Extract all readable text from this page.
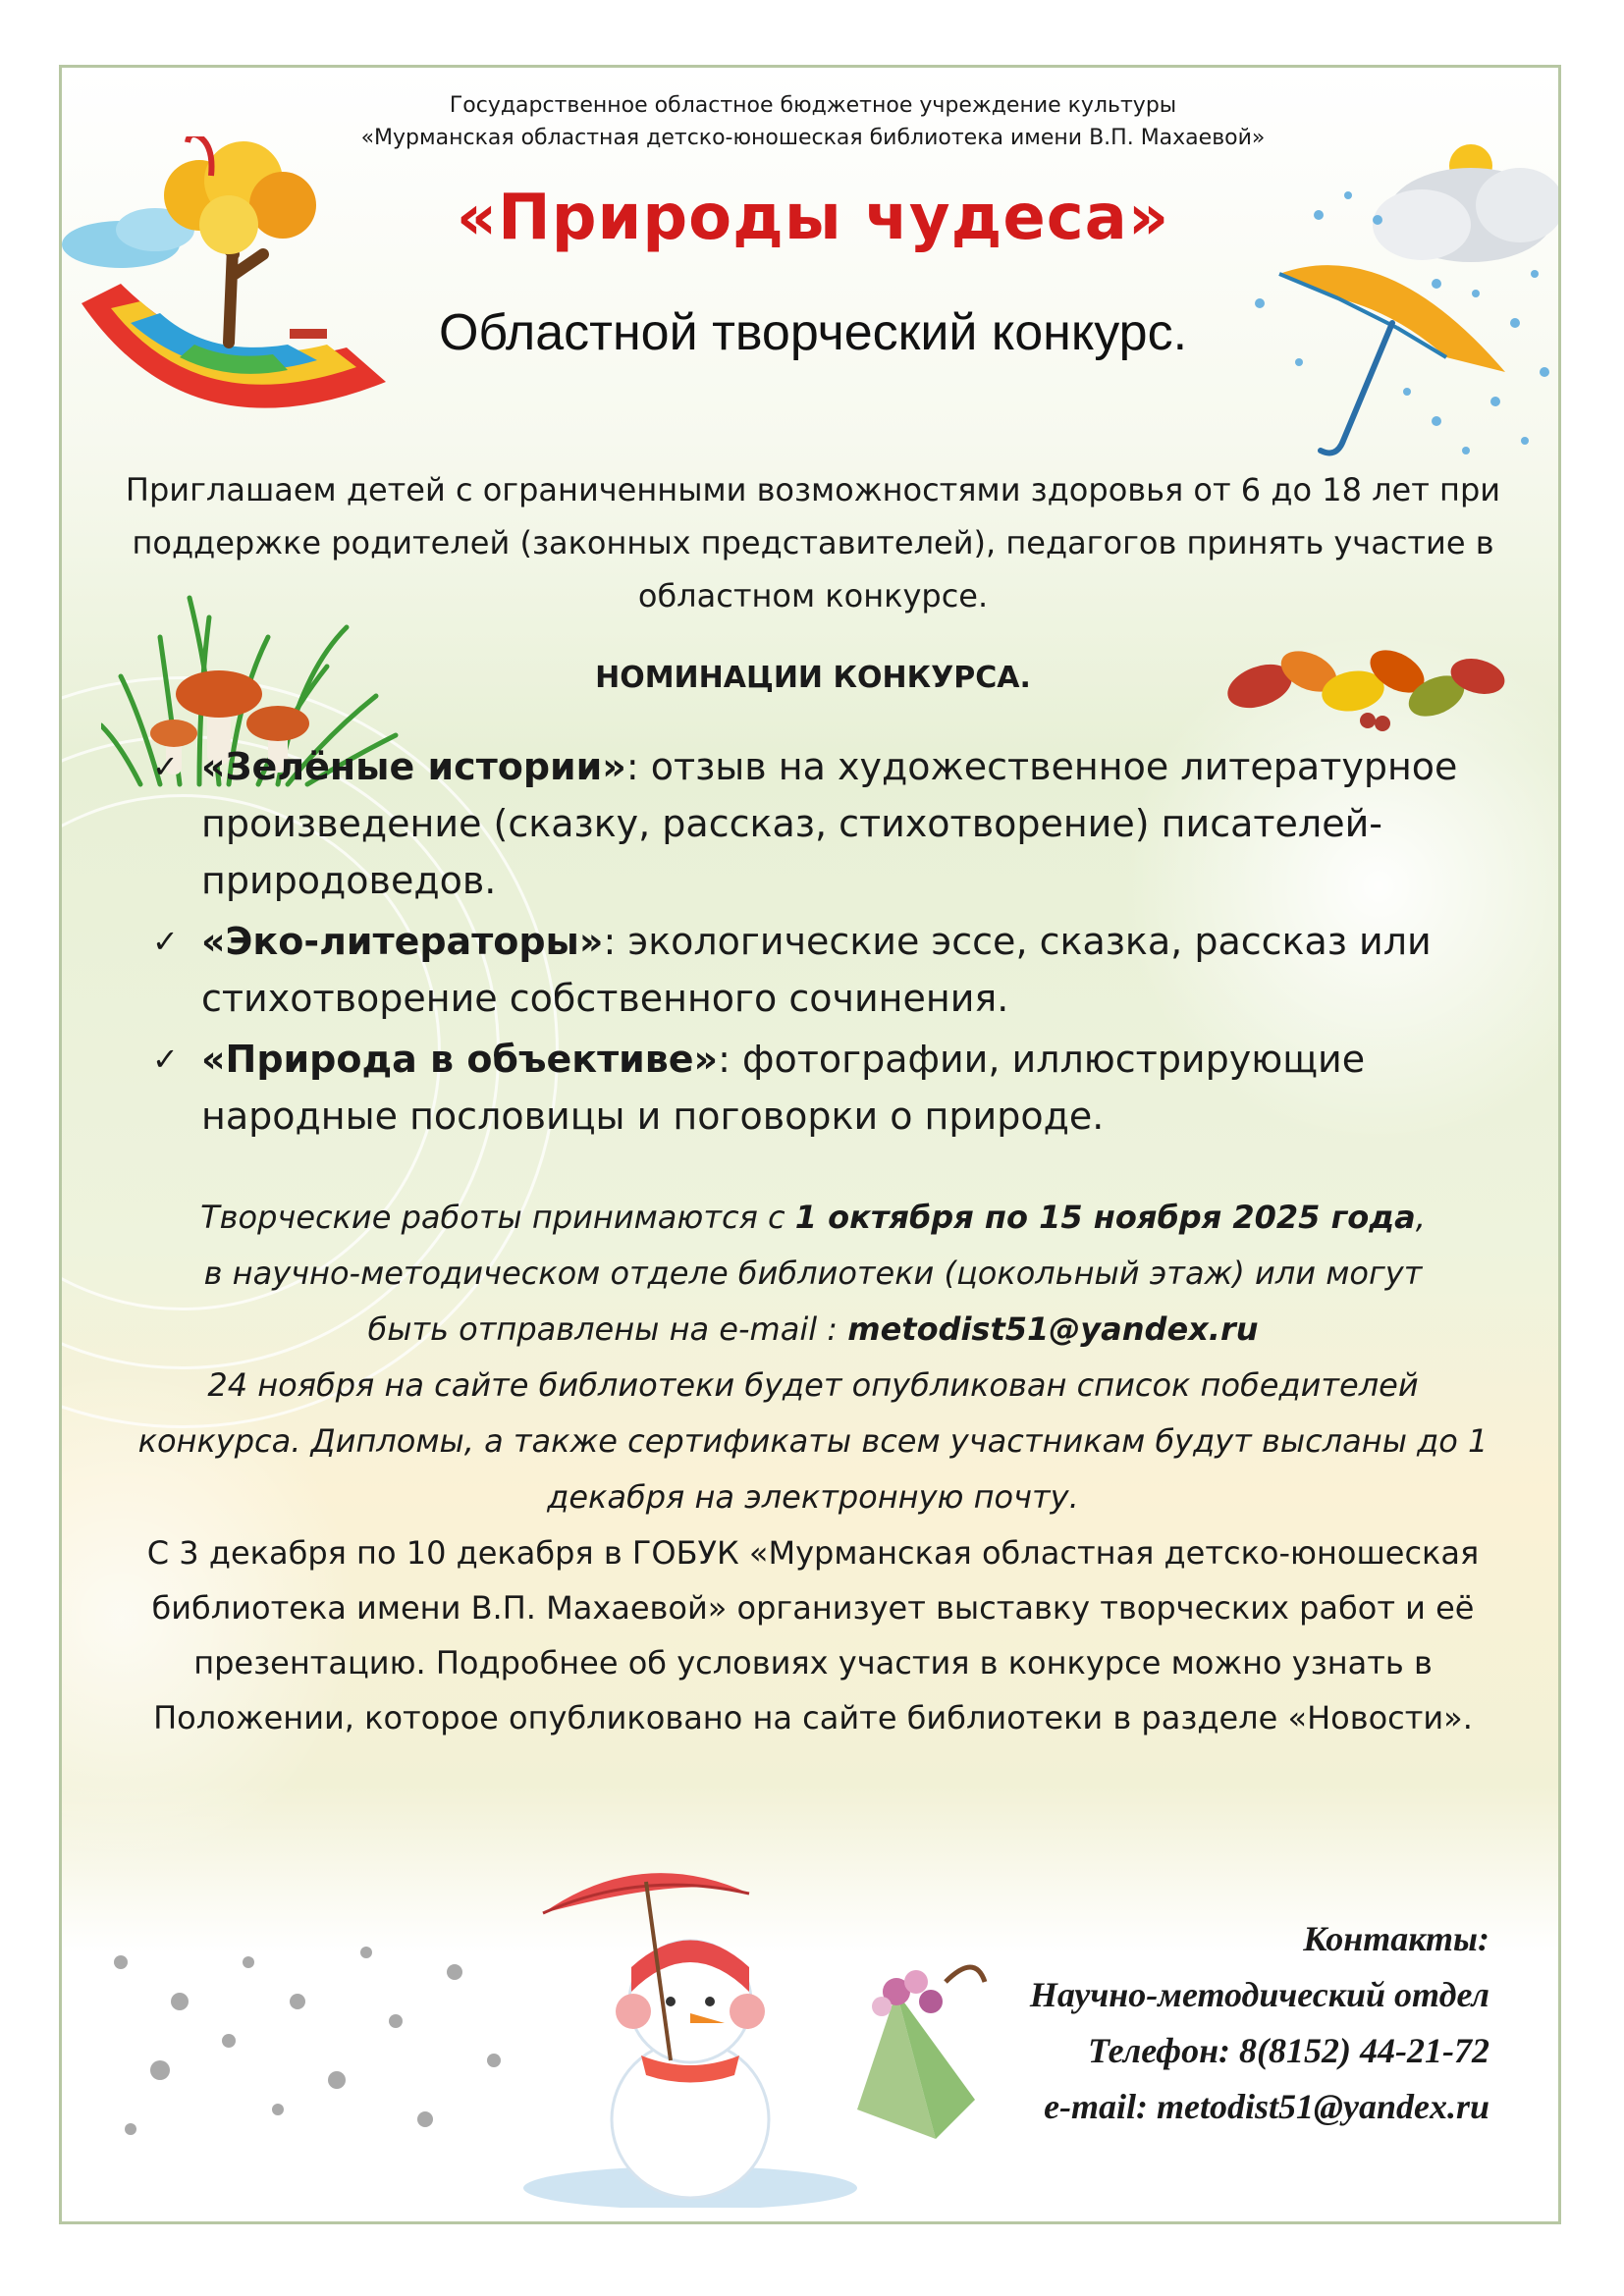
Государственное областное бюджетное учреждение культуры
«Мурманская областная детско-юношеская библиотека имени В.П. Махаевой»
«Природы чудеса»
Областной творческий конкурс.
Приглашаем детей с ограниченными возможностями здоровья от 6 до 18 лет при поддержке родителей (законных представителей), педагогов принять участие в областном конкурсе.
НОМИНАЦИИ КОНКУРСА.
✓ «Зелёные истории»: отзыв на художественное литературное произведение (сказку, рассказ, стихотворение) писателей-природоведов.
✓ «Эко-литераторы»: экологические эссе, сказка, рассказ или стихотворение собственного сочинения.
✓ «Природа в объективе»: фотографии, иллюстрирующие народные пословицы и поговорки о природе.
Творческие работы принимаются с 1 октября по 15 ноября 2025 года,
в научно-методическом отделе библиотеки (цокольный этаж) или могут
быть отправлены на e-mail : metodist51@yandex.ru
24 ноября на сайте библиотеки будет опубликован список победителей конкурса. Дипломы, а также сертификаты всем участникам будут высланы до 1 декабря на электронную почту.
С 3 декабря по 10 декабря в ГОБУК «Мурманская областная детско-юношеская библиотека имени В.П. Махаевой» организует выставку творческих работ и её презентацию. Подробнее об условиях участия в конкурсе можно узнать в Положении, которое опубликовано на сайте библиотеки в разделе «Новости».
Контакты:
Научно-методический отдел
Телефон: 8(8152) 44-21-72
e-mail: metodist51@yandex.ru
